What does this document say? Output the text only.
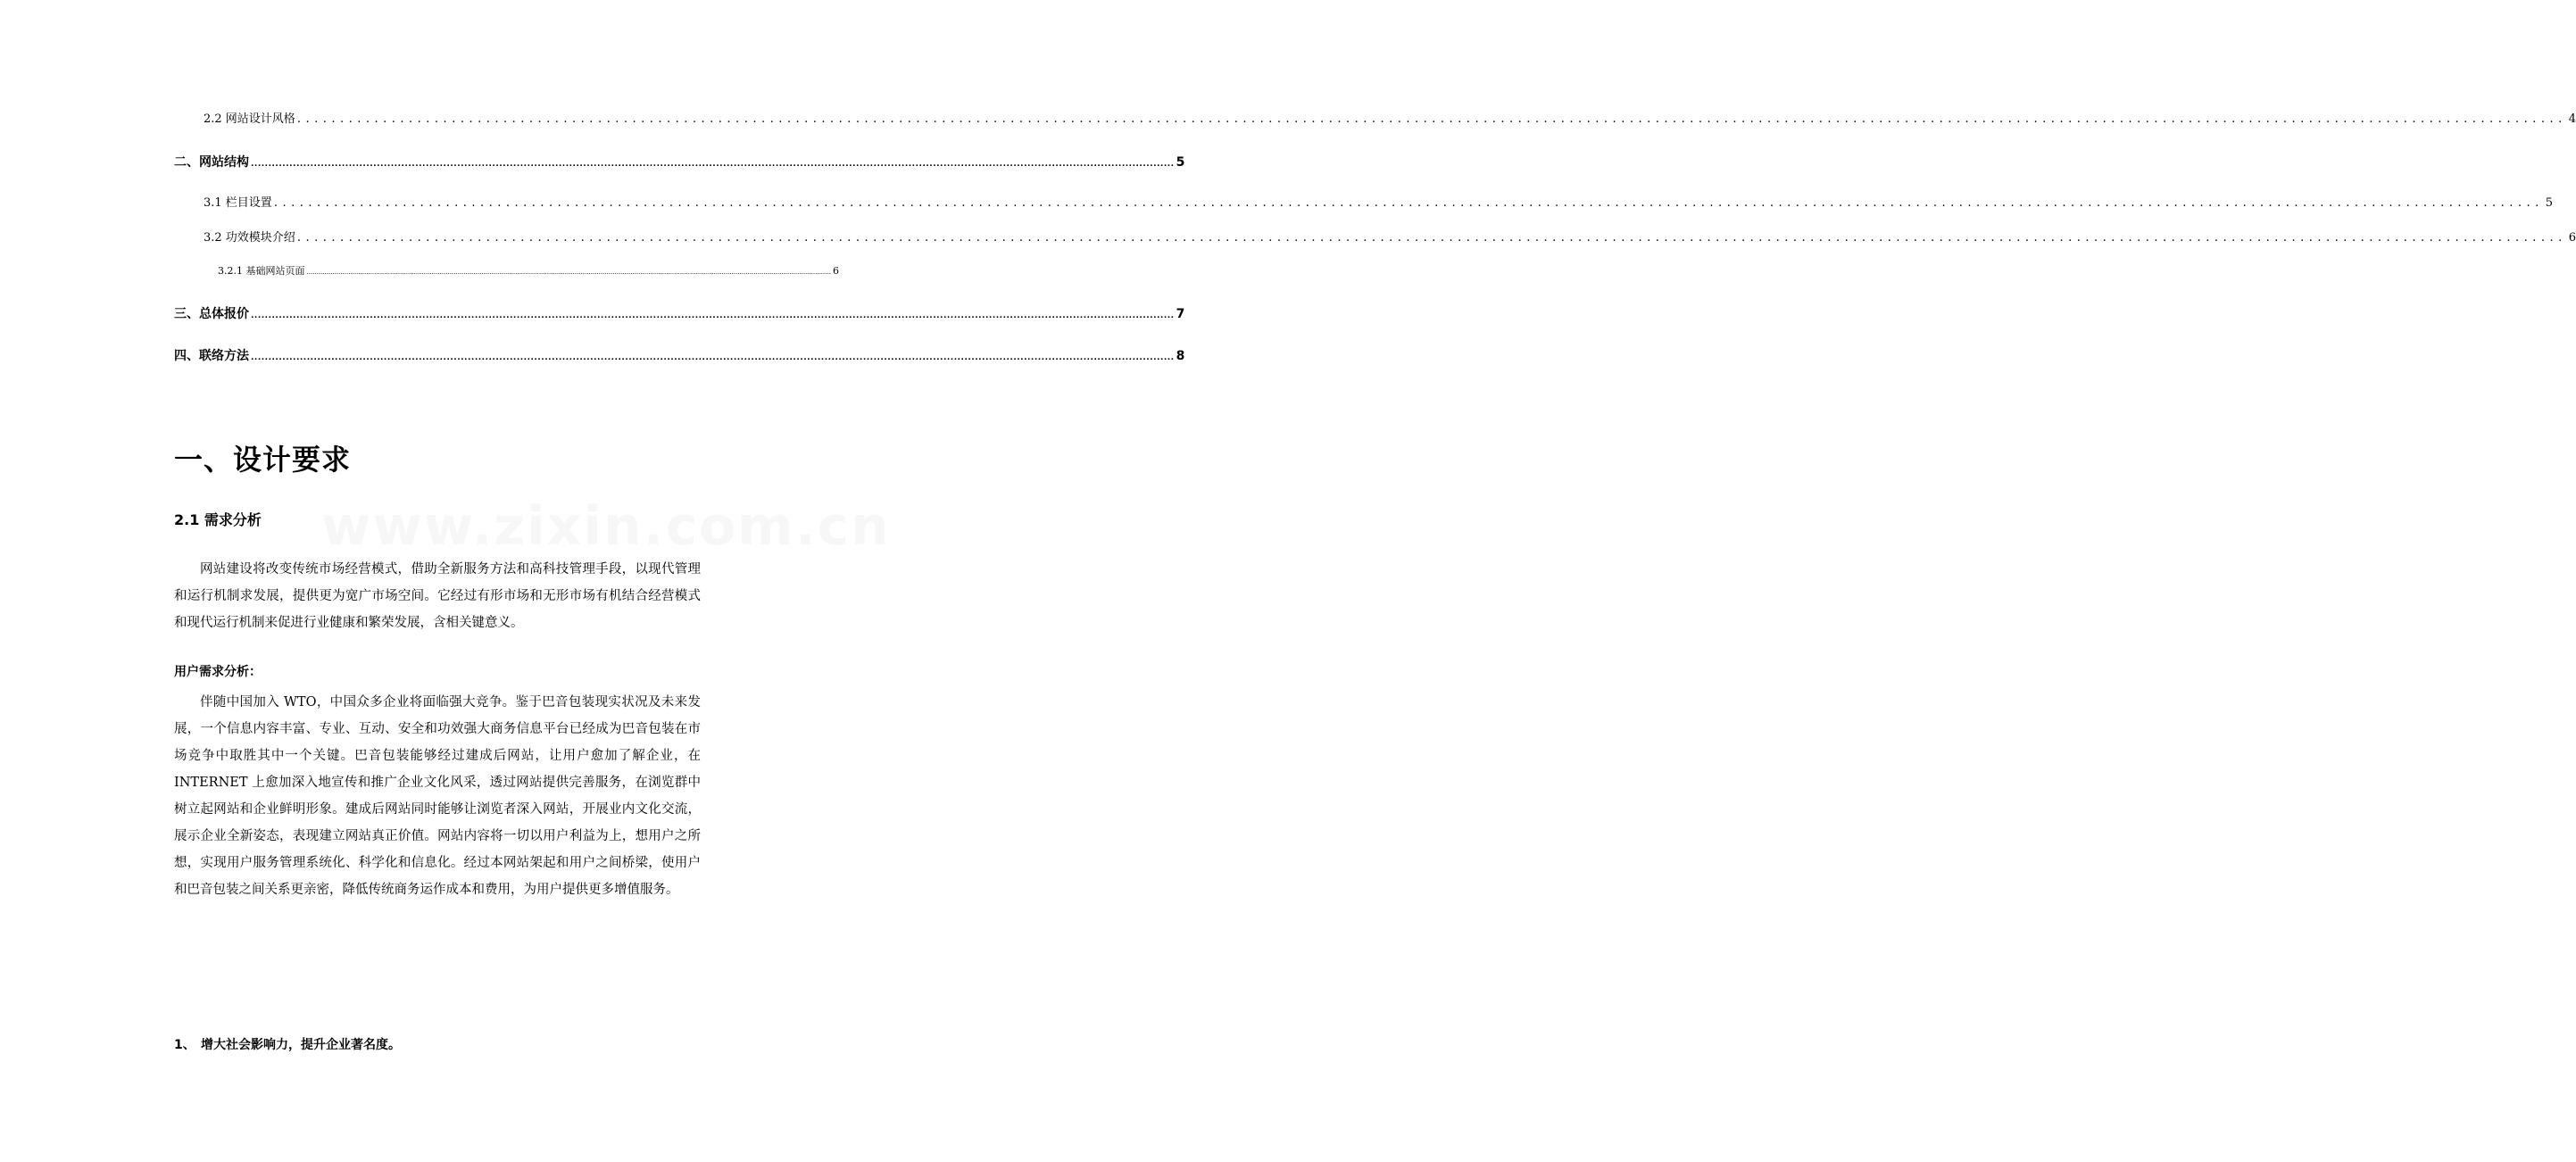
2.2 网站设计风格 .....	4
二、网站结构 .....	5
3.1 栏目设置 .....	5
3.2 功效模块介绍 .....	6
3.2.1 基础网站页面 .....	6
三、总体报价 .....	7
四、联络方法 .....	8
www.zixin.com.cn
一、设计要求
2.1 需求分析

网站建设将改变传统市场经营模式，借助全新服务方法和高科技管理手段，以现代管理和运行机制求发展，提供更为宽广市场空间。它经过有形市场和无形市场有机结合经营模式和现代运行机制来促进行业健康和繁荣发展，含相关键意义。

用户需求分析：

伴随中国加入 WTO，中国众多企业将面临强大竞争。鉴于巴音包装现实状况及未来发展，一个信息内容丰富、专业、互动、安全和功效强大商务信息平台已经成为巴音包装在市场竞争中取胜其中一个关键。巴音包装能够经过建成后网站，让用户愈加了解企业，在 INTERNET 上愈加深入地宣传和推广企业文化风采，透过网站提供完善服务，在浏览群中树立起网站和企业鲜明形象。建成后网站同时能够让浏览者深入网站，开展业内文化交流，展示企业全新姿态，表现建立网站真正价值。网站内容将一切以用户利益为上，想用户之所想，实现用户服务管理系统化、科学化和信息化。经过本网站架起和用户之间桥梁，使用户和巴音包装之间关系更亲密，降低传统商务运作成本和费用，为用户提供更多增值服务。

1、 增大社会影响力，提升企业著名度。
